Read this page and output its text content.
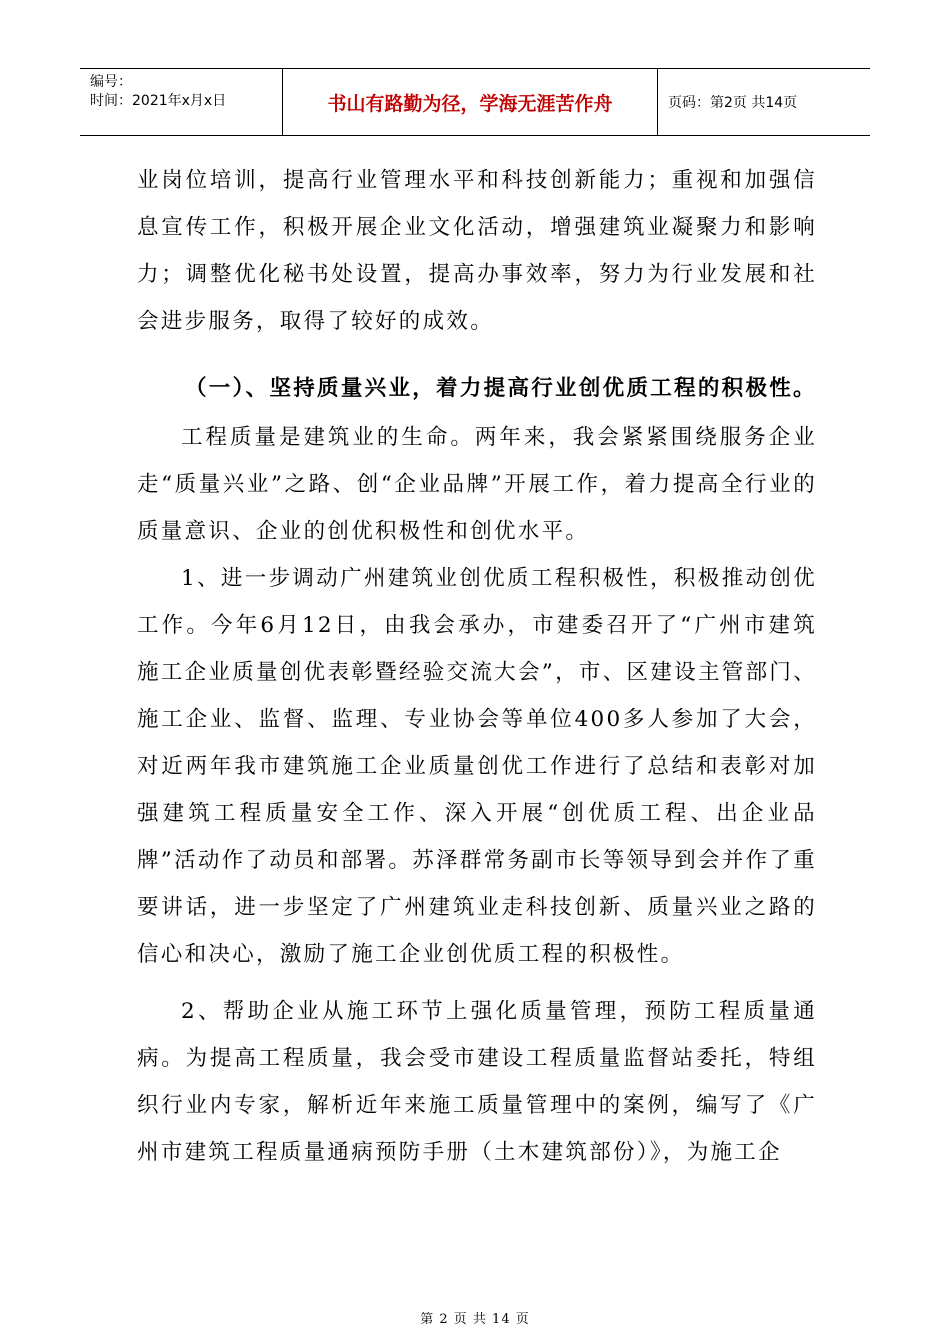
编号：
时间：2021年x月x日	书山有路勤为径，学海无涯苦作舟	页码：第2页 共14页

业岗位培训，提高行业管理水平和科技创新能力；重视和加强信息宣传工作，积极开展企业文化活动，增强建筑业凝聚力和影响力；调整优化秘书处设置，提高办事效率，努力为行业发展和社会进步服务，取得了较好的成效。

（一）、坚持质量兴业，着力提高行业创优质工程的积极性。

工程质量是建筑业的生命。两年来，我会紧紧围绕服务企业走“质量兴业”之路、创“企业品牌”开展工作，着力提高全行业的质量意识、企业的创优积极性和创优水平。

1、进一步调动广州建筑业创优质工程积极性，积极推动创优工作。今年6月12日，由我会承办，市建委召开了“广州市建筑施工企业质量创优表彰暨经验交流大会”，市、区建设主管部门、施工企业、监督、监理、专业协会等单位400多人参加了大会，对近两年我市建筑施工企业质量创优工作进行了总结和表彰对加强建筑工程质量安全工作、深入开展“创优质工程、出企业品牌”活动作了动员和部署。苏泽群常务副市长等领导到会并作了重要讲话，进一步坚定了广州建筑业走科技创新、质量兴业之路的信心和决心，激励了施工企业创优质工程的积极性。

2、帮助企业从施工环节上强化质量管理，预防工程质量通病。为提高工程质量，我会受市建设工程质量监督站委托，特组织行业内专家，解析近年来施工质量管理中的案例，编写了《广州市建筑工程质量通病预防手册（土木建筑部份）》，为施工企

第 2 页 共 14 页
